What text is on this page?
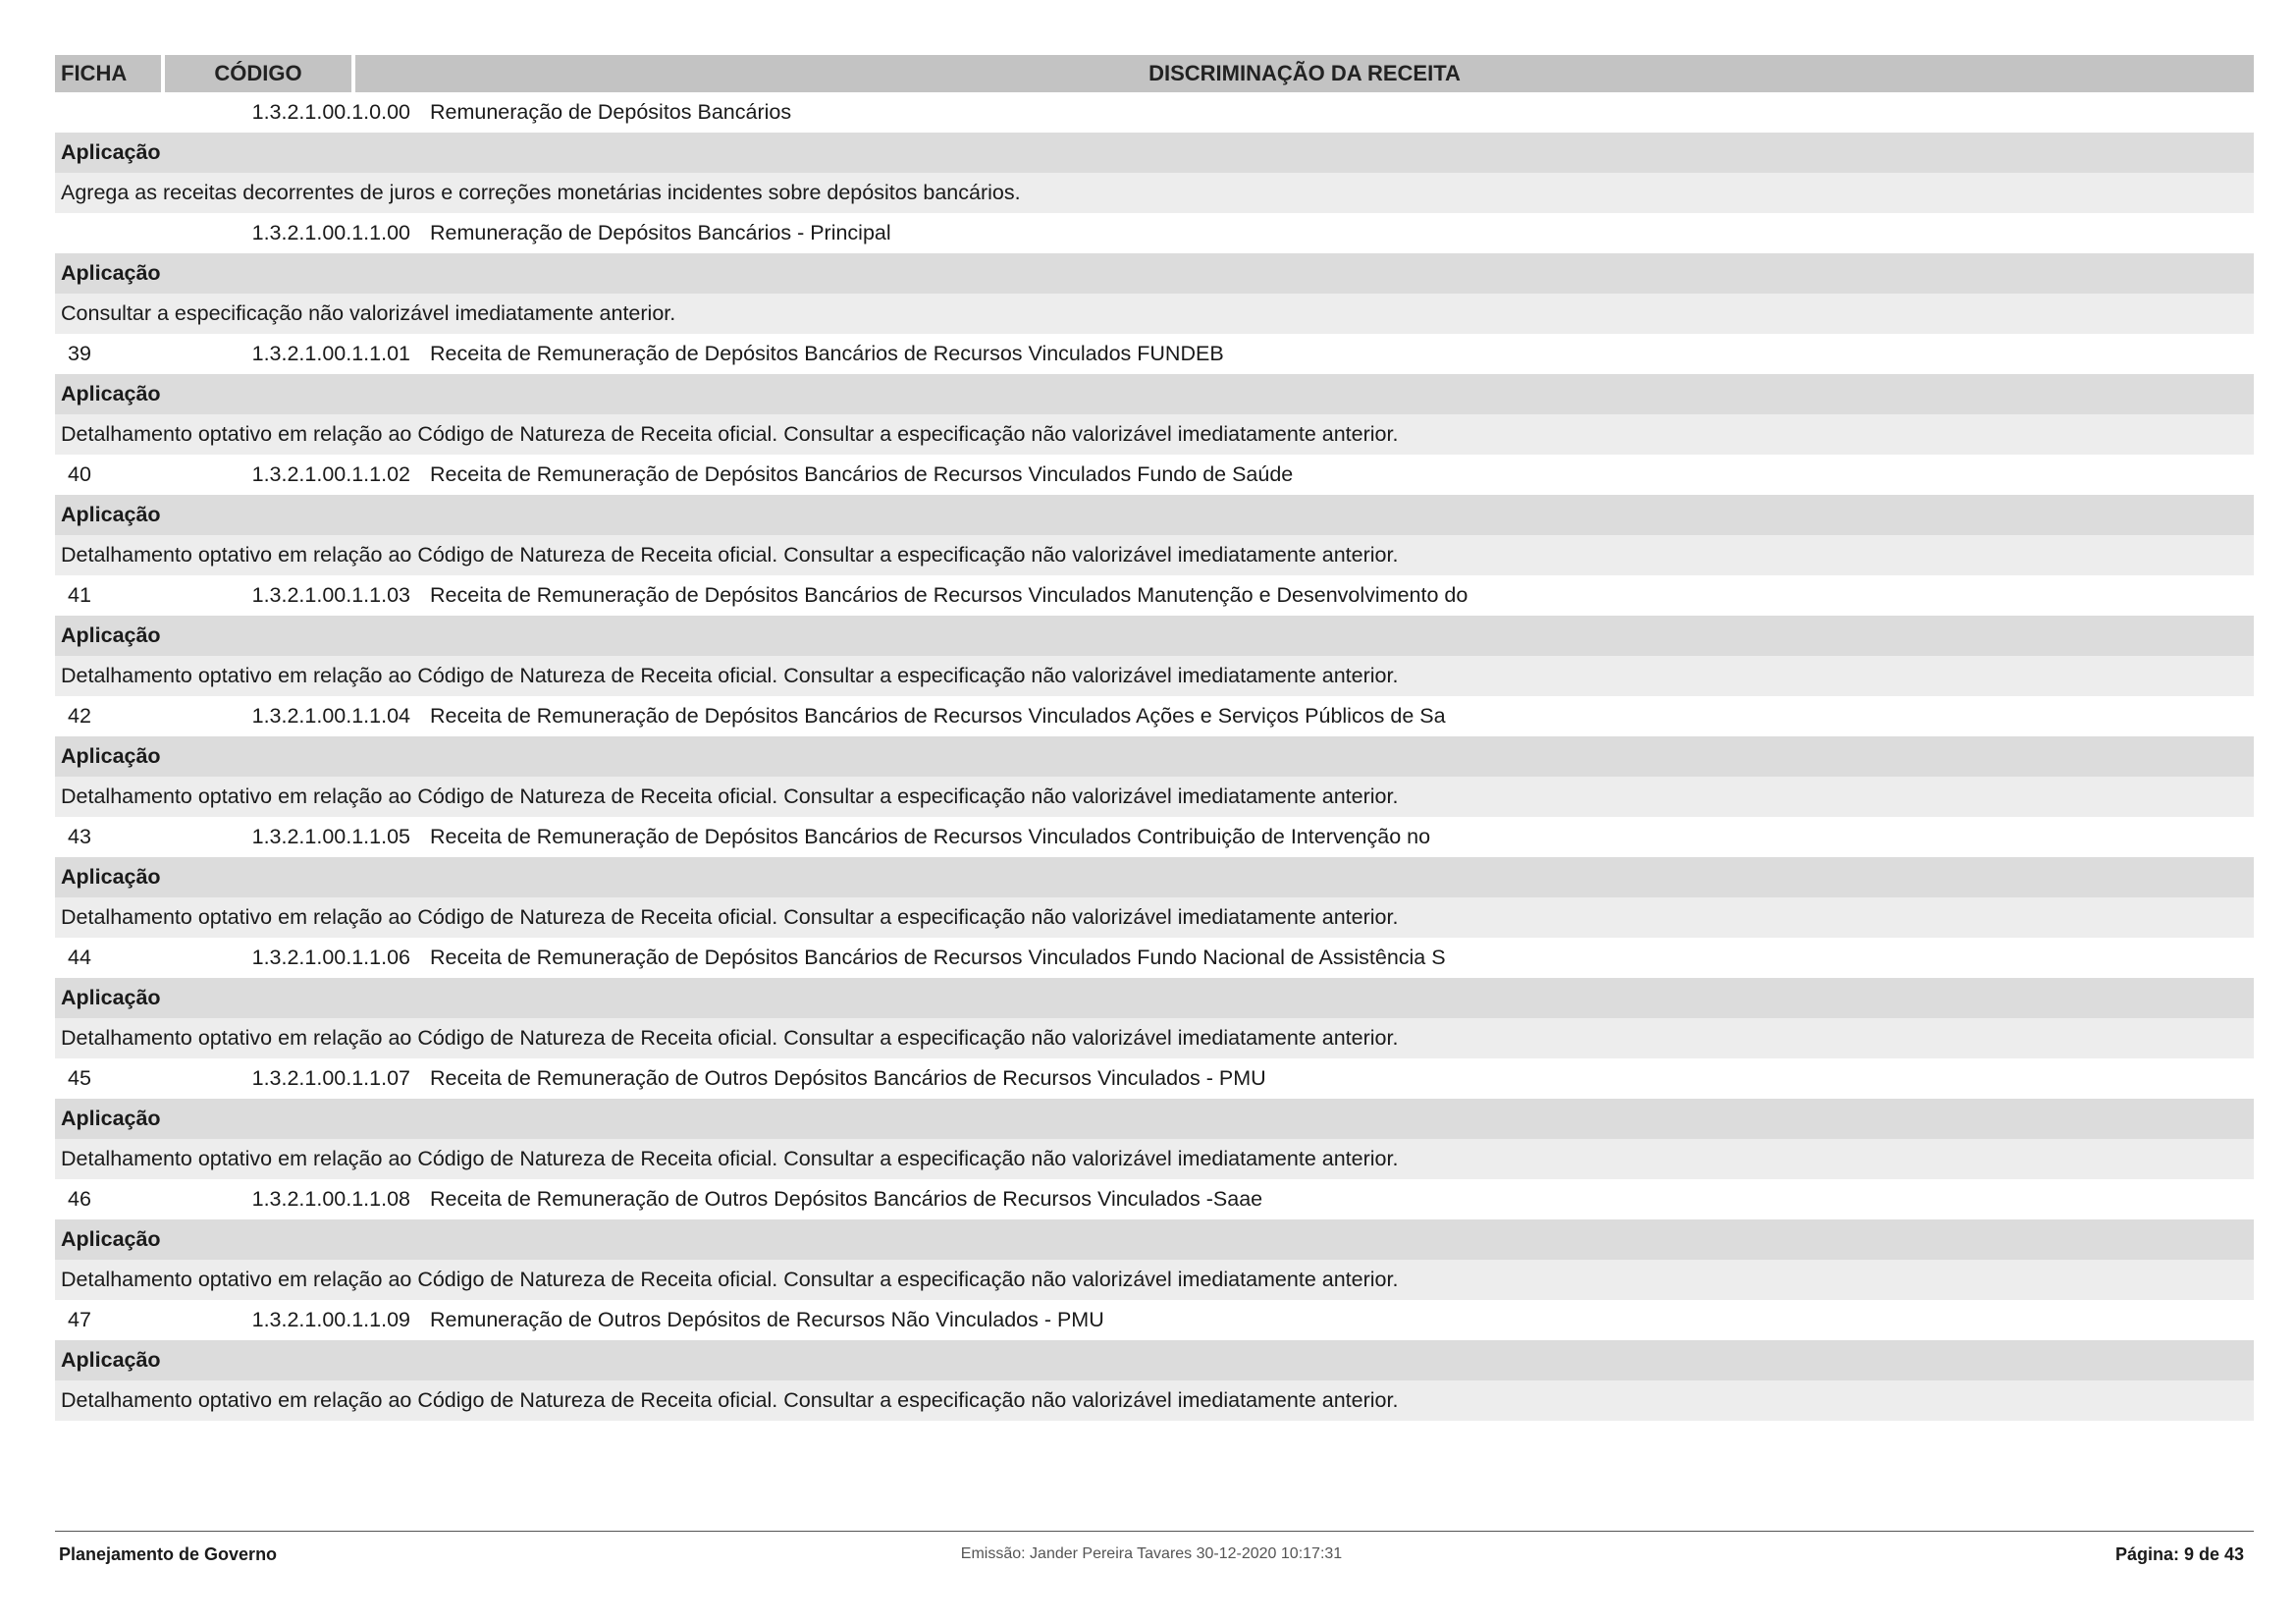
FICHA	CÓDIGO	DISCRIMINAÇÃO DA RECEITA
1.3.2.1.00.1.0.00 Remuneração de Depósitos Bancários
Aplicação
Agrega as receitas decorrentes de juros e correções monetárias incidentes sobre depósitos bancários.
1.3.2.1.00.1.1.00 Remuneração de Depósitos Bancários - Principal
Aplicação
Consultar a especificação não valorizável imediatamente anterior.
39	1.3.2.1.00.1.1.01 Receita de Remuneração de Depósitos Bancários de Recursos Vinculados FUNDEB
Aplicação
Detalhamento optativo em relação ao Código de Natureza de Receita oficial. Consultar a especificação não valorizável imediatamente anterior.
40	1.3.2.1.00.1.1.02 Receita de Remuneração de Depósitos Bancários de Recursos Vinculados Fundo de Saúde
Aplicação
Detalhamento optativo em relação ao Código de Natureza de Receita oficial. Consultar a especificação não valorizável imediatamente anterior.
41	1.3.2.1.00.1.1.03 Receita de Remuneração de Depósitos Bancários de Recursos Vinculados Manutenção e Desenvolvimento do
Aplicação
Detalhamento optativo em relação ao Código de Natureza de Receita oficial. Consultar a especificação não valorizável imediatamente anterior.
42	1.3.2.1.00.1.1.04 Receita de Remuneração de Depósitos Bancários de Recursos Vinculados Ações e Serviços Públicos de Sa
Aplicação
Detalhamento optativo em relação ao Código de Natureza de Receita oficial. Consultar a especificação não valorizável imediatamente anterior.
43	1.3.2.1.00.1.1.05 Receita de Remuneração de Depósitos Bancários de Recursos Vinculados Contribuição de Intervenção no
Aplicação
Detalhamento optativo em relação ao Código de Natureza de Receita oficial. Consultar a especificação não valorizável imediatamente anterior.
44	1.3.2.1.00.1.1.06 Receita de Remuneração de Depósitos Bancários de Recursos Vinculados Fundo Nacional de Assistência S
Aplicação
Detalhamento optativo em relação ao Código de Natureza de Receita oficial. Consultar a especificação não valorizável imediatamente anterior.
45	1.3.2.1.00.1.1.07 Receita de Remuneração de Outros Depósitos Bancários de Recursos Vinculados - PMU
Aplicação
Detalhamento optativo em relação ao Código de Natureza de Receita oficial. Consultar a especificação não valorizável imediatamente anterior.
46	1.3.2.1.00.1.1.08 Receita de Remuneração de Outros Depósitos Bancários de Recursos Vinculados -Saae
Aplicação
Detalhamento optativo em relação ao Código de Natureza de Receita oficial. Consultar a especificação não valorizável imediatamente anterior.
47	1.3.2.1.00.1.1.09 Remuneração de Outros Depósitos de Recursos Não Vinculados - PMU
Aplicação
Detalhamento optativo em relação ao Código de Natureza de Receita oficial. Consultar a especificação não valorizável imediatamente anterior.
Planejamento de Governo	Emissão: Jander Pereira Tavares 30-12-2020 10:17:31	Página: 9 de 43
